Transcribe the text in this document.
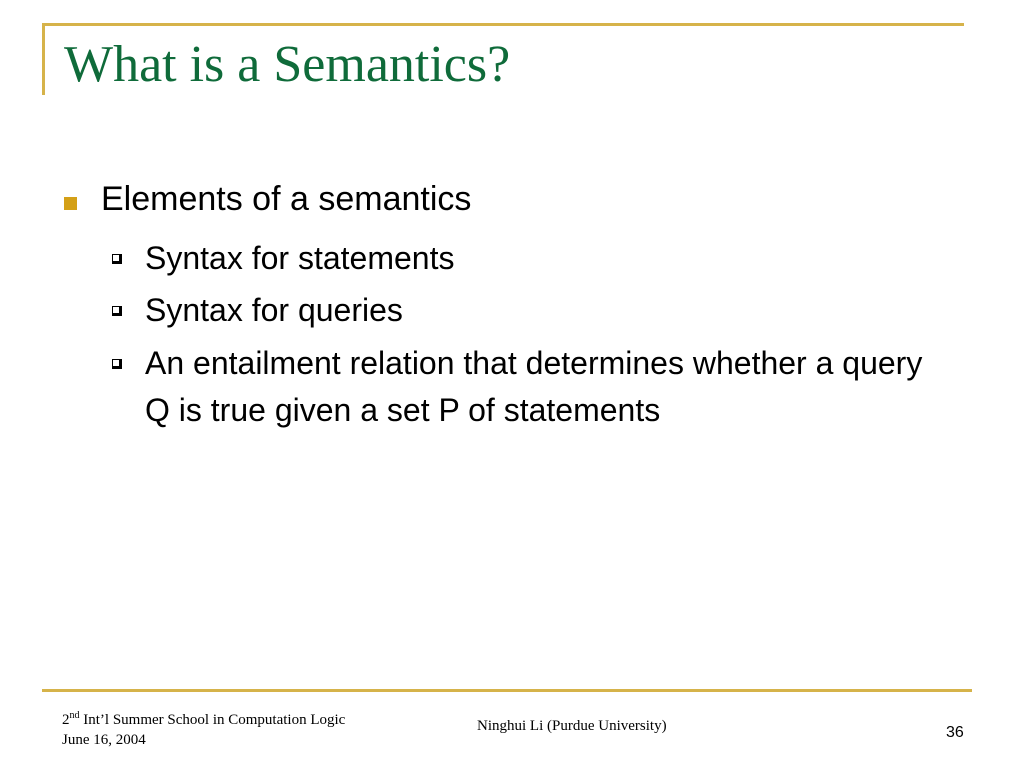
What is a Semantics?
Elements of a semantics
Syntax for statements
Syntax for queries
An entailment relation that determines whether a query Q is true given a set P of statements
2nd Int’l Summer School in Computation Logic
June 16, 2004
Ninghui Li (Purdue University)	36
